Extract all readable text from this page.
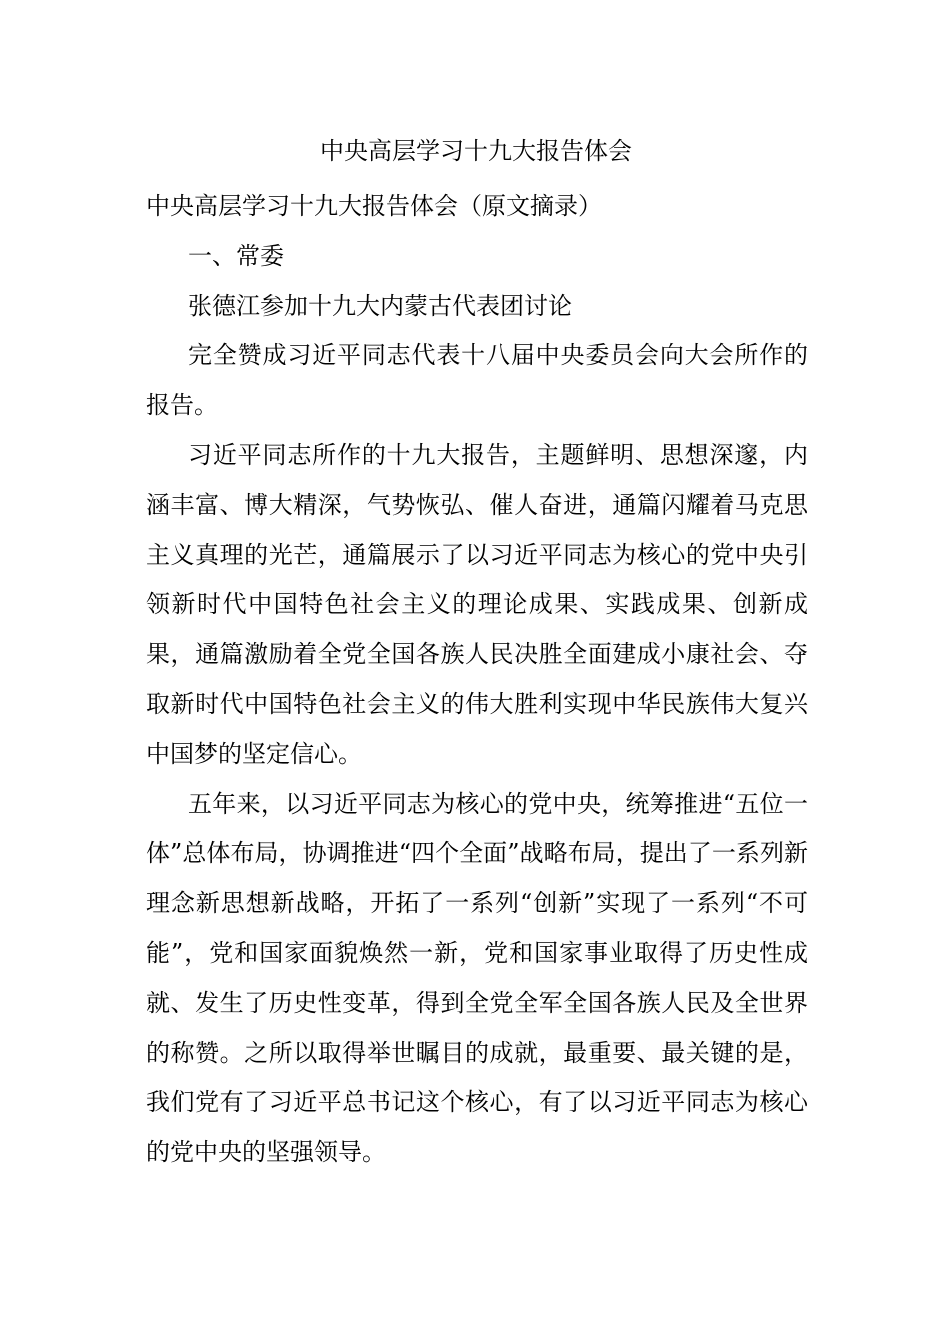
中央高层学习十九大报告体会

中央高层学习十九大报告体会（原文摘录）

一、常委

张德江参加十九大内蒙古代表团讨论

完全赞成习近平同志代表十八届中央委员会向大会所作的报告。

习近平同志所作的十九大报告，主题鲜明、思想深邃，内涵丰富、博大精深，气势恢弘、催人奋进，通篇闪耀着马克思主义真理的光芒，通篇展示了以习近平同志为核心的党中央引领新时代中国特色社会主义的理论成果、实践成果、创新成果，通篇激励着全党全国各族人民决胜全面建成小康社会、夺取新时代中国特色社会主义的伟大胜利实现中华民族伟大复兴中国梦的坚定信心。

五年来，以习近平同志为核心的党中央，统筹推进“五位一体”总体布局，协调推进“四个全面”战略布局，提出了一系列新理念新思想新战略，开拓了一系列“创新”实现了一系列“不可能”，党和国家面貌焕然一新，党和国家事业取得了历史性成就、发生了历史性变革，得到全党全军全国各族人民及全世界的称赞。之所以取得举世瞩目的成就，最重要、最关键的是，我们党有了习近平总书记这个核心，有了以习近平同志为核心的党中央的坚强领导。
